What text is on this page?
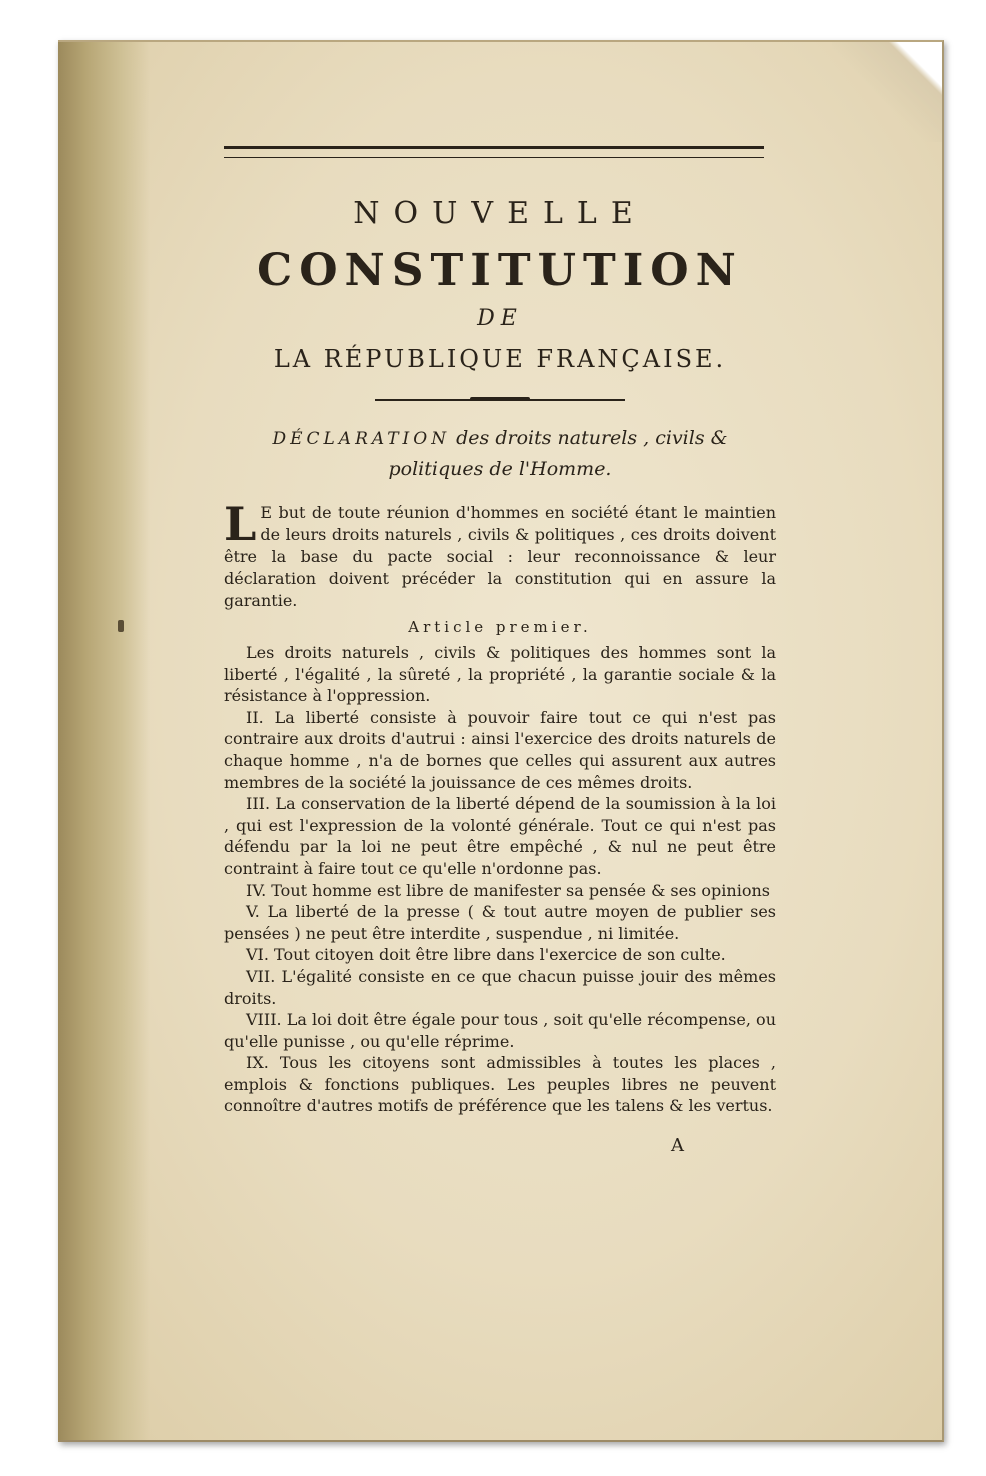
NOUVELLE

CONSTITUTION

DE

LA RÉPUBLIQUE FRANÇAISE.

DÉCLARATION des droits naturels , civils &
politiques de l'Homme.
L E but de toute réunion d'hommes en société étant le maintien de leurs droits naturels , civils & politiques , ces droits doivent être la base du pacte social : leur reconnoissance & leur déclaration doivent précéder la constitution qui en assure la garantie.
Article premier.

Les droits naturels , civils & politiques des hommes sont la liberté , l'égalité , la sûreté , la propriété , la garantie sociale & la résistance à l'oppression.

II. La liberté consiste à pouvoir faire tout ce qui n'est pas contraire aux droits d'autrui : ainsi l'exercice des droits naturels de chaque homme , n'a de bornes que celles qui assurent aux autres membres de la société la jouissance de ces mêmes droits.

III. La conservation de la liberté dépend de la soumission à la loi , qui est l'expression de la volonté générale. Tout ce qui n'est pas défendu par la loi ne peut être empêché , & nul ne peut être contraint à faire tout ce qu'elle n'ordonne pas.

IV. Tout homme est libre de manifester sa pensée & ses opinions

V. La liberté de la presse ( & tout autre moyen de publier ses pensées ) ne peut être interdite , suspendue , ni limitée.

VI. Tout citoyen doit être libre dans l'exercice de son culte.

VII. L'égalité consiste en ce que chacun puisse jouir des mêmes droits.

VIII. La loi doit être égale pour tous , soit qu'elle récompense, ou qu'elle punisse , ou qu'elle réprime.

IX. Tous les citoyens sont admissibles à toutes les places , emplois & fonctions publiques. Les peuples libres ne peuvent connoître d'autres motifs de préférence que les talens & les vertus.

A
